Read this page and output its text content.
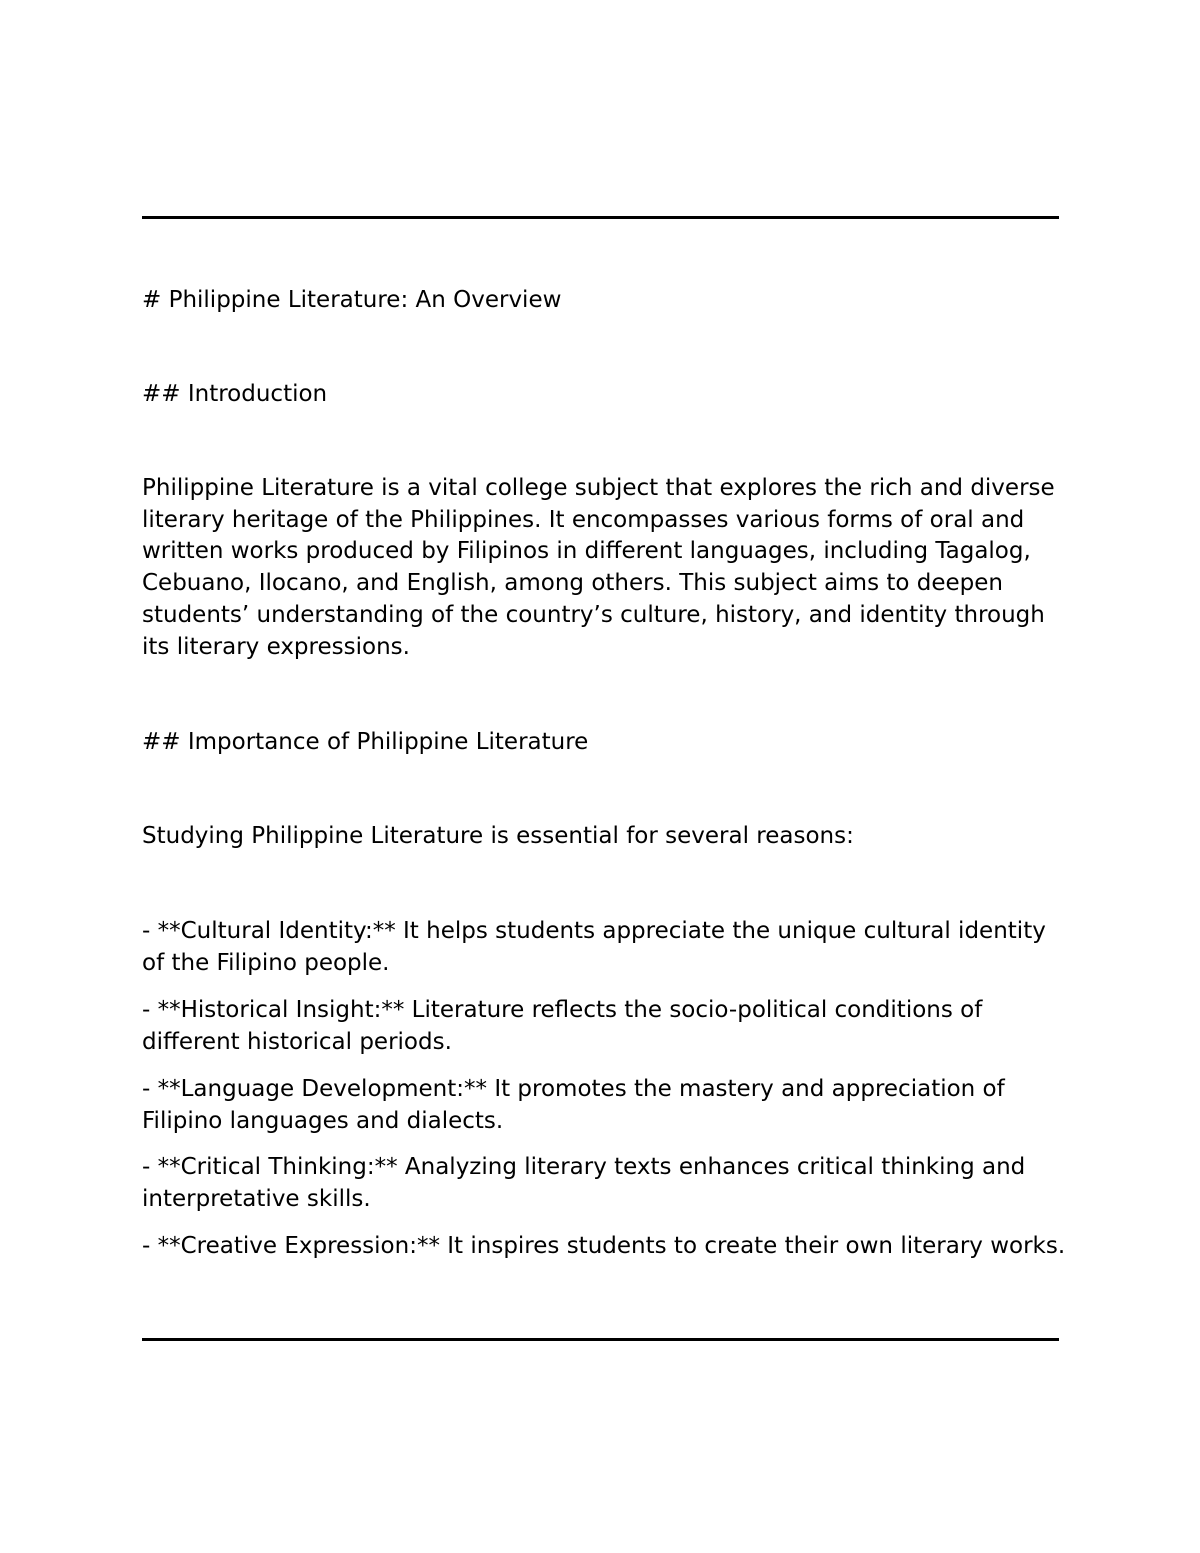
# Philippine Literature: An Overview
## Introduction
Philippine Literature is a vital college subject that explores the rich and diverse literary heritage of the Philippines. It encompasses various forms of oral and written works produced by Filipinos in different languages, including Tagalog, Cebuano, Ilocano, and English, among others. This subject aims to deepen students’ understanding of the country’s culture, history, and identity through its literary expressions.
## Importance of Philippine Literature
Studying Philippine Literature is essential for several reasons:
- **Cultural Identity:** It helps students appreciate the unique cultural identity of the Filipino people.
- **Historical Insight:** Literature reflects the socio-political conditions of different historical periods.
- **Language Development:** It promotes the mastery and appreciation of Filipino languages and dialects.
- **Critical Thinking:** Analyzing literary texts enhances critical thinking and interpretative skills.
- **Creative Expression:** It inspires students to create their own literary works.
